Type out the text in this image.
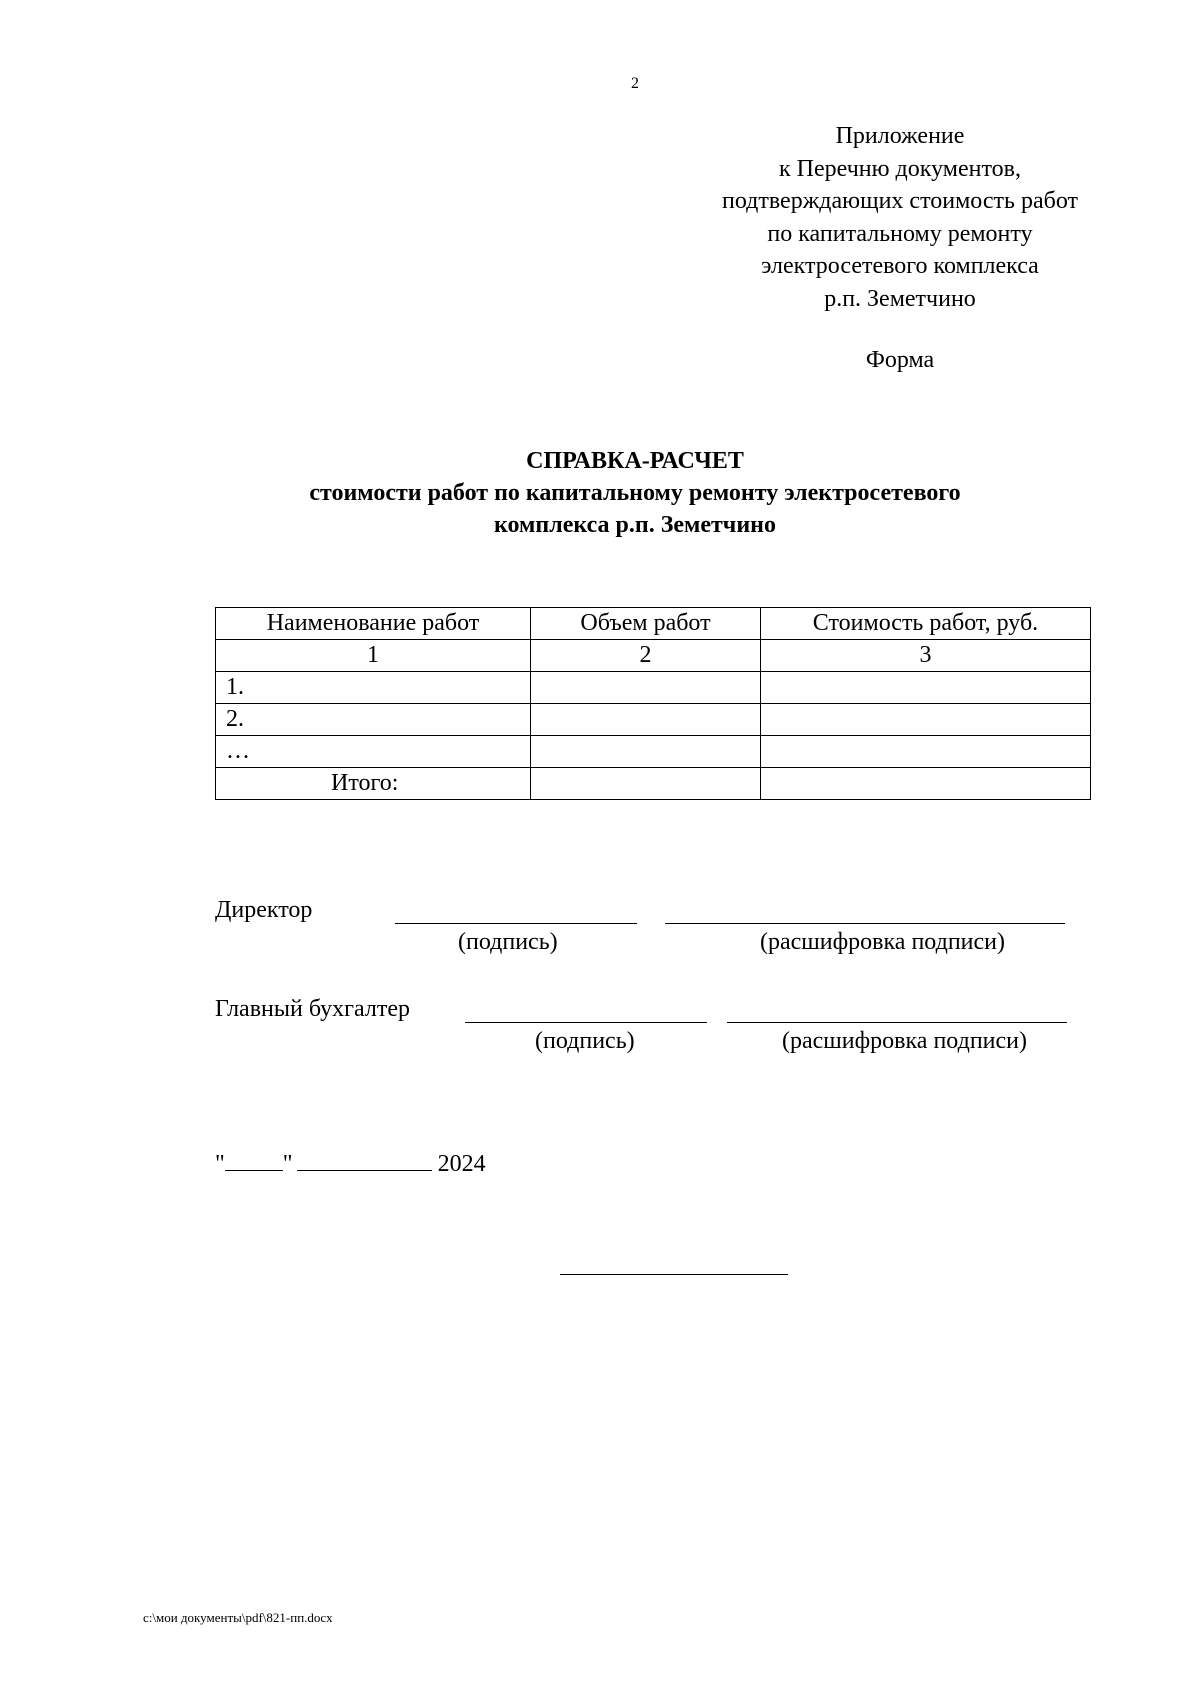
2
Приложение
к Перечню документов,
подтверждающих стоимость работ
по капитальному ремонту
электросетевого комплекса
р.п. Земетчино
Форма
СПРАВКА-РАСЧЕТ
стоимости работ по капитальному ремонту электросетевого
комплекса р.п. Земетчино
Наименование работ	Объем работ	Стоимость работ, руб.
1	2	3
1.		
2.		
…		
Итого:		
Директор
(подпись)	(расшифровка подписи)
Главный бухгалтер
(подпись)	(расшифровка подписи)
" "	2024
c:\мои документы\pdf\821-пп.docx
